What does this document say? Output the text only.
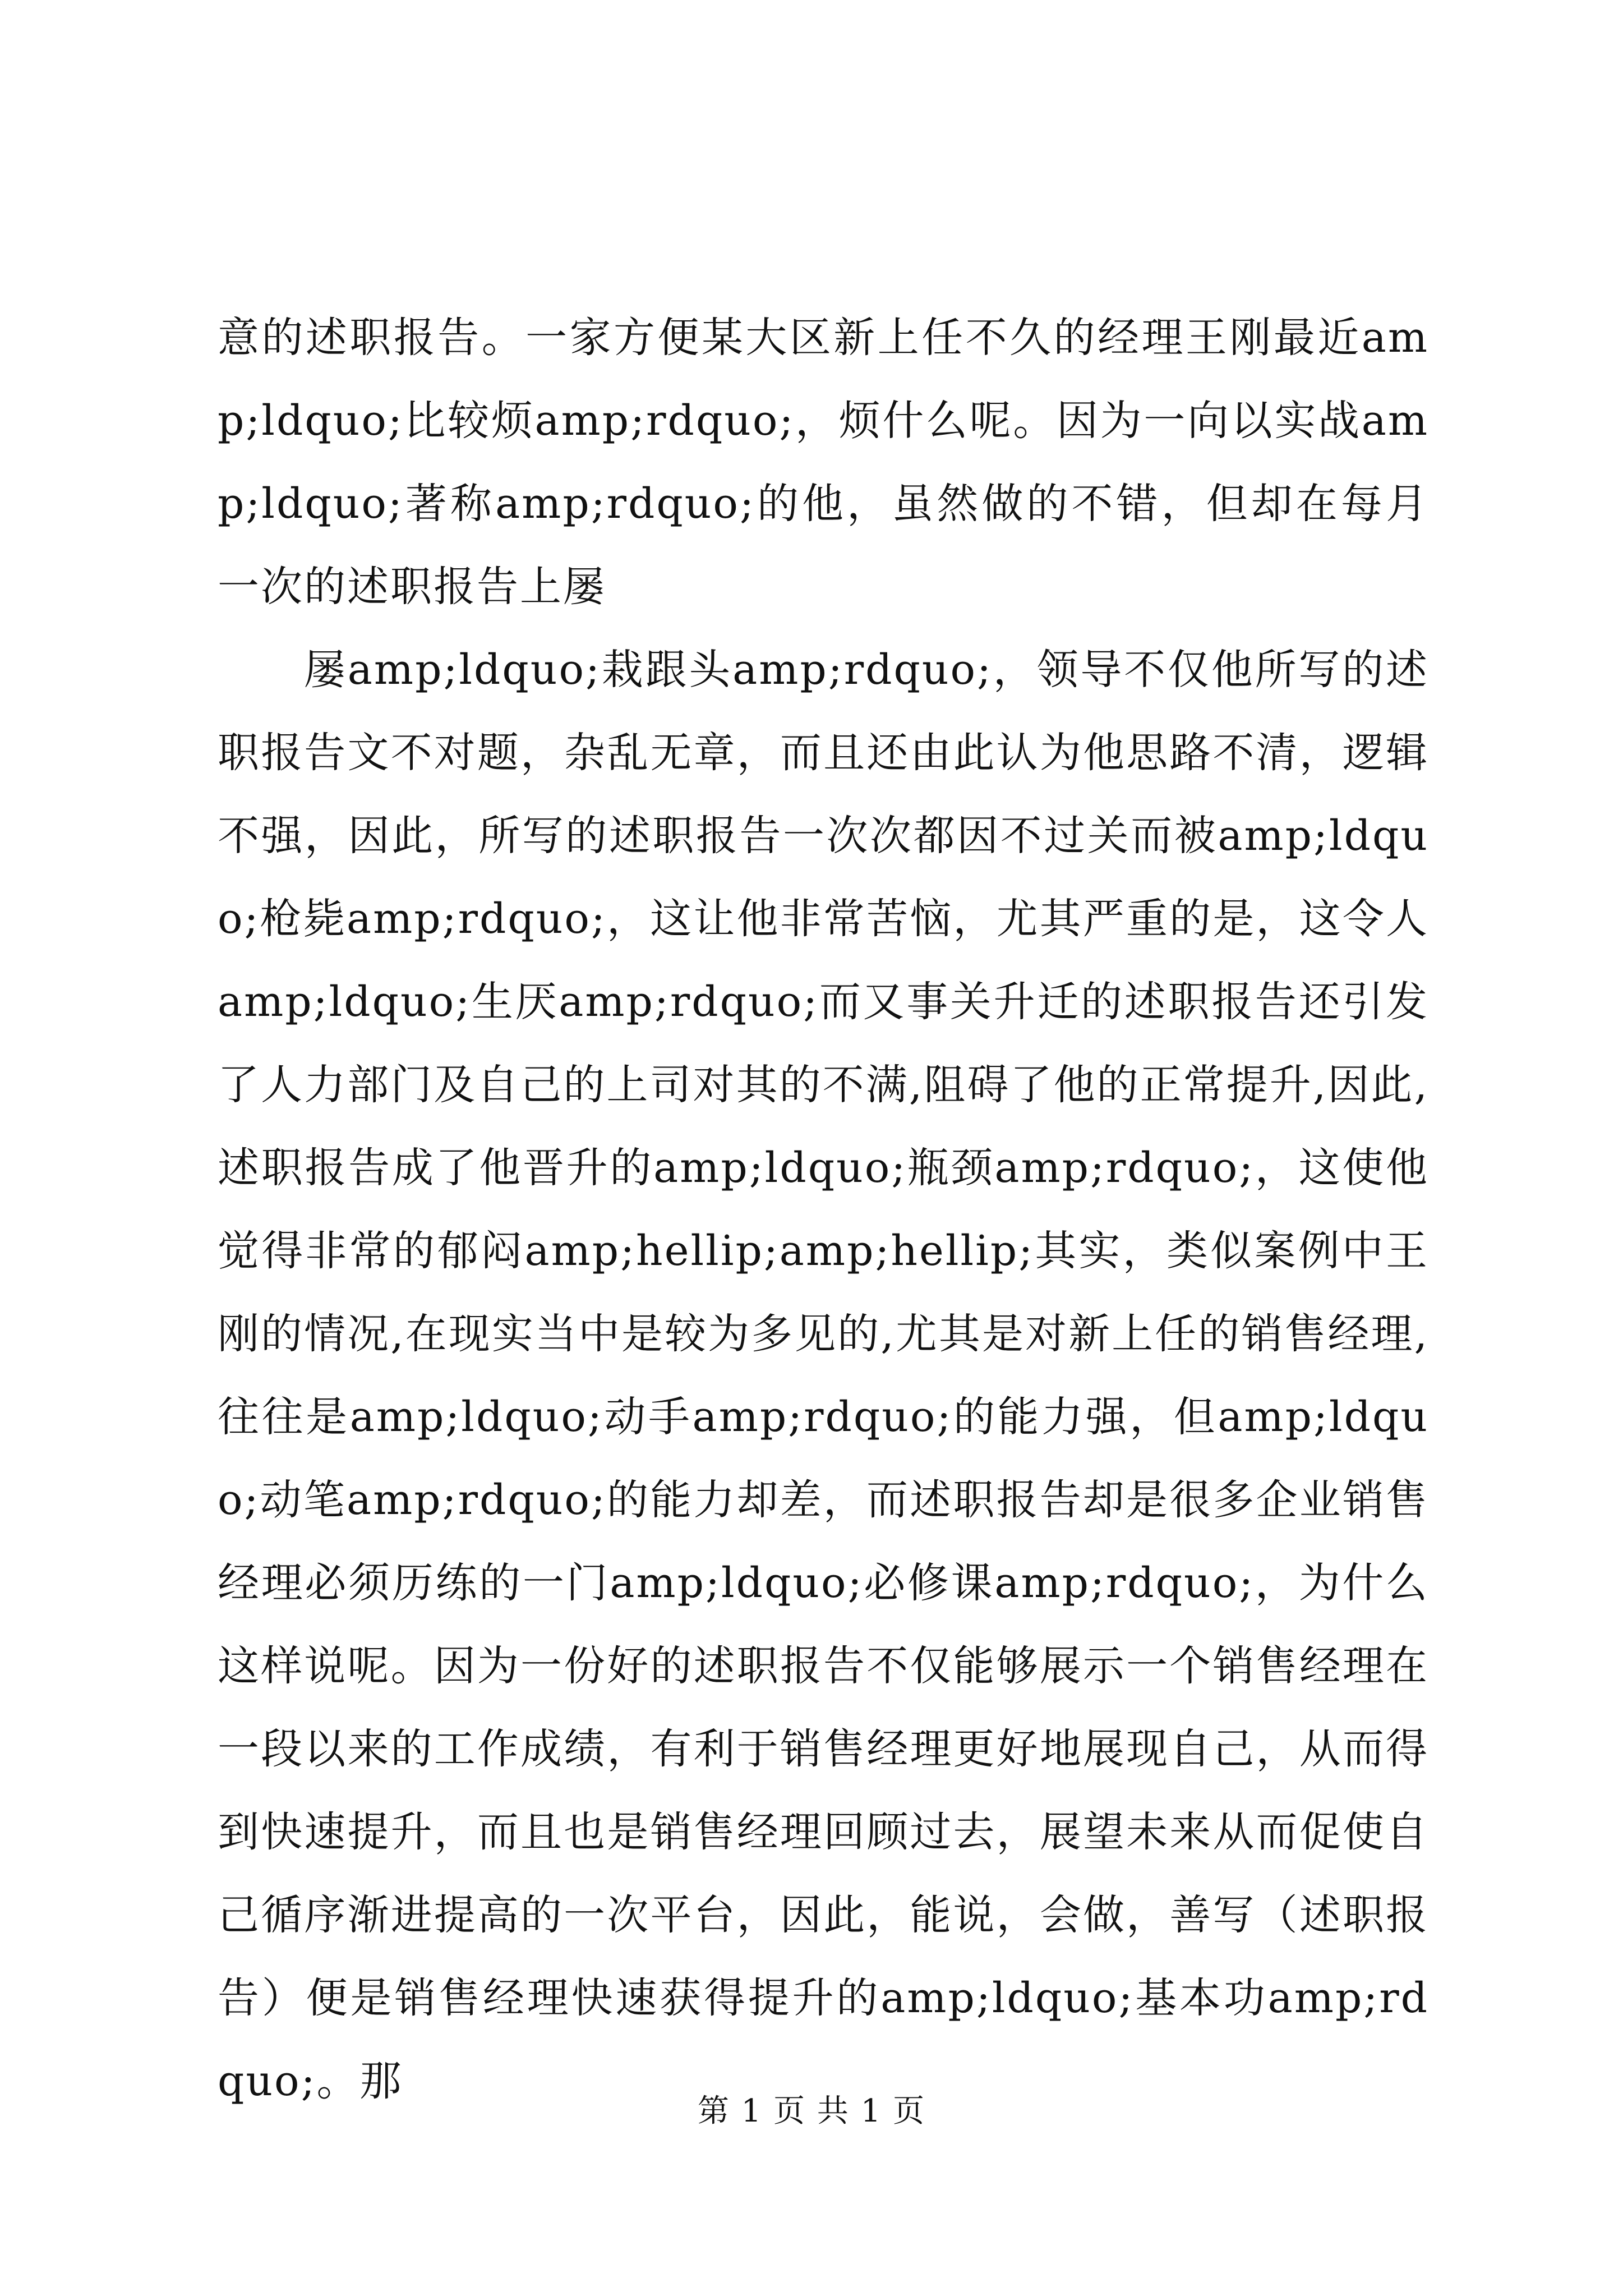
意的述职报告。一家方便某大区新上任不久的经理王刚最近amp;ldquo;比较烦amp;rdquo;，烦什么呢。因为一向以实战amp;ldquo;著称amp;rdquo;的他，虽然做的不错，但却在每月一次的述职报告上屡

屡amp;ldquo;栽跟头amp;rdquo;，领导不仅他所写的述职报告文不对题，杂乱无章，而且还由此认为他思路不清，逻辑不强，因此，所写的述职报告一次次都因不过关而被amp;ldquo;枪毙amp;rdquo;，这让他非常苦恼，尤其严重的是，这令人amp;ldquo;生厌amp;rdquo;而又事关升迁的述职报告还引发了人力部门及自己的上司对其的不满,阻碍了他的正常提升,因此,述职报告成了他晋升的amp;ldquo;瓶颈amp;rdquo;，这使他觉得非常的郁闷amp;hellip;amp;hellip;其实，类似案例中王刚的情况,在现实当中是较为多见的,尤其是对新上任的销售经理,往往是amp;ldquo;动手amp;rdquo;的能力强，但amp;ldquo;动笔amp;rdquo;的能力却差，而述职报告却是很多企业销售经理必须历练的一门amp;ldquo;必修课amp;rdquo;，为什么这样说呢。因为一份好的述职报告不仅能够展示一个销售经理在一段以来的工作成绩，有利于销售经理更好地展现自己，从而得到快速提升，而且也是销售经理回顾过去，展望未来从而促使自己循序渐进提高的一次平台，因此，能说，会做，善写（述职报告）便是销售经理快速获得提升的amp;ldquo;基本功amp;rdquo;。那

第 1 页 共 1 页
